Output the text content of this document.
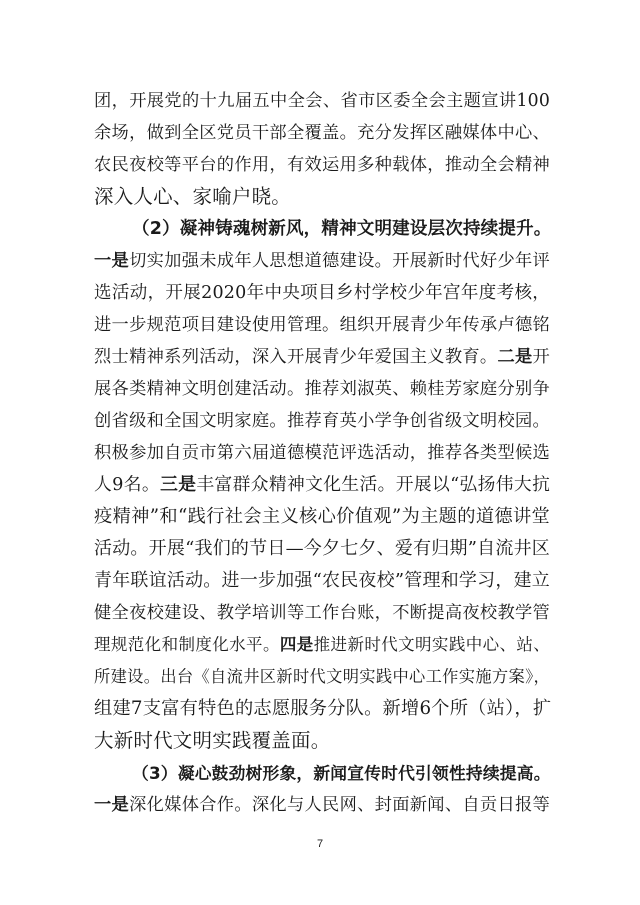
团，开展党的十九届五中全会、省市区委全会主题宣讲100
余场，做到全区党员干部全覆盖。充分发挥区融媒体中心、
农民夜校等平台的作用，有效运用多种载体，推动全会精神
深入人心、家喻户晓。
（2）凝神铸魂树新风，精神文明建设层次持续提升。
一是切实加强未成年人思想道德建设。开展新时代好少年评
选活动，开展2020年中央项目乡村学校少年宫年度考核，
进一步规范项目建设使用管理。组织开展青少年传承卢德铭
烈士精神系列活动，深入开展青少年爱国主义教育。二是开
展各类精神文明创建活动。推荐刘淑英、赖桂芳家庭分别争
创省级和全国文明家庭。推荐育英小学争创省级文明校园。
积极参加自贡市第六届道德模范评选活动，推荐各类型候选
人9名。三是丰富群众精神文化生活。开展以“弘扬伟大抗
疫精神”和“践行社会主义核心价值观”为主题的道德讲堂
活动。开展“我们的节日—今夕七夕、爱有归期”自流井区
青年联谊活动。进一步加强“农民夜校”管理和学习，建立
健全夜校建设、教学培训等工作台账，不断提高夜校教学管
理规范化和制度化水平。四是推进新时代文明实践中心、站、
所建设。出台《自流井区新时代文明实践中心工作实施方案》，
组建7支富有特色的志愿服务分队。新增6个所（站），扩
大新时代文明实践覆盖面。
（3）凝心鼓劲树形象，新闻宣传时代引领性持续提高。
一是深化媒体合作。深化与人民网、封面新闻、自贡日报等
7
